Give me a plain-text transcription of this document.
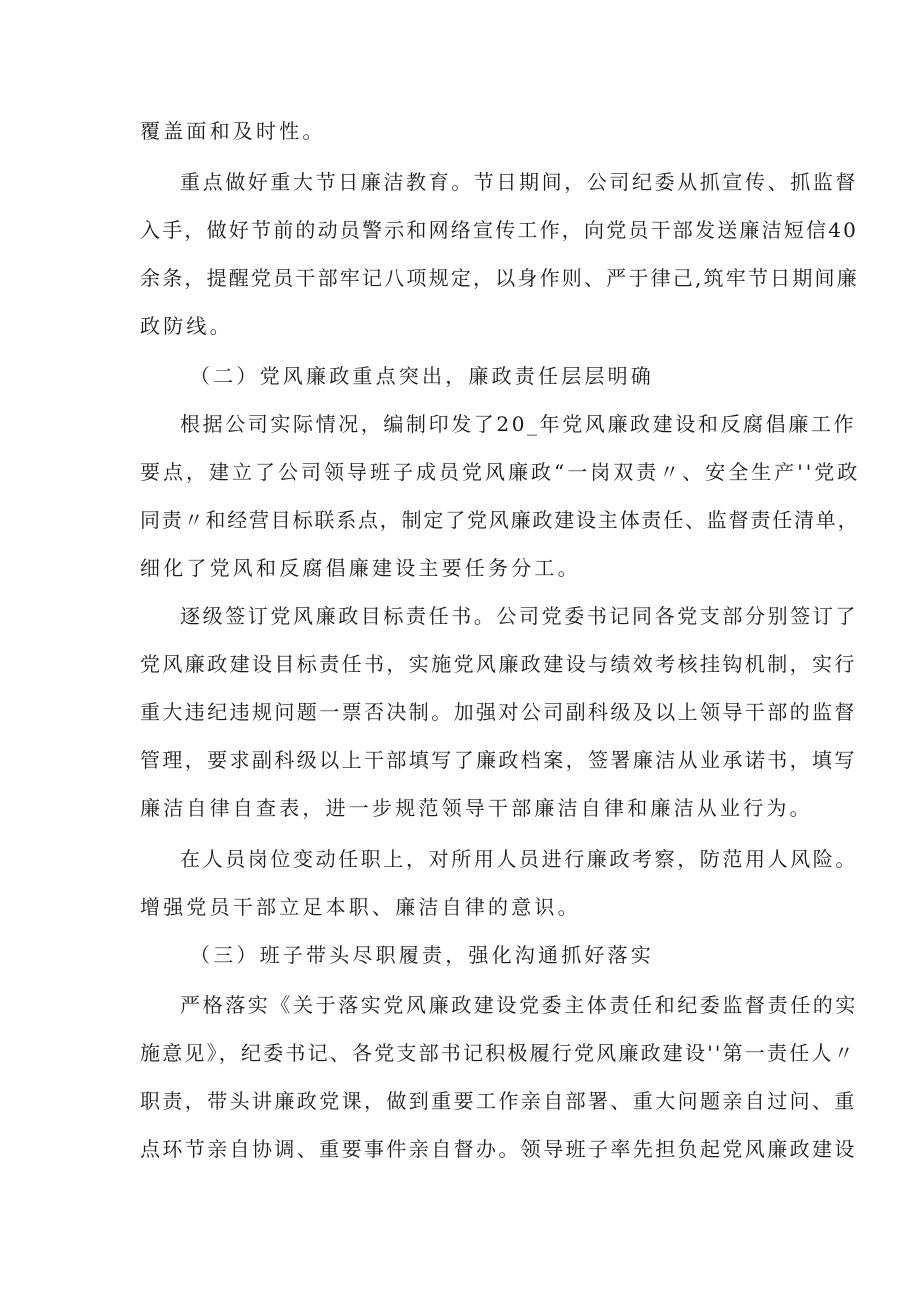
覆盖面和及时性。
重点做好重大节日廉洁教育。节日期间，公司纪委从抓宣传、抓监督
入手，做好节前的动员警示和网络宣传工作，向党员干部发送廉洁短信40
余条，提醒党员干部牢记八项规定，以身作则、严于律己,筑牢节日期间廉
政防线。
（二）党风廉政重点突出，廉政责任层层明确
根据公司实际情况，编制印发了20_年党风廉政建设和反腐倡廉工作
要点，建立了公司领导班子成员党风廉政“一岗双责〃、安全生产''党政
同责〃和经营目标联系点，制定了党风廉政建设主体责任、监督责任清单，
细化了党风和反腐倡廉建设主要任务分工。
逐级签订党风廉政目标责任书。公司党委书记同各党支部分别签订了
党风廉政建设目标责任书，实施党风廉政建设与绩效考核挂钩机制，实行
重大违纪违规问题一票否决制。加强对公司副科级及以上领导干部的监督
管理，要求副科级以上干部填写了廉政档案，签署廉洁从业承诺书，填写
廉洁自律自查表，进一步规范领导干部廉洁自律和廉洁从业行为。
在人员岗位变动任职上，对所用人员进行廉政考察，防范用人风险。
增强党员干部立足本职、廉洁自律的意识。
（三）班子带头尽职履责，强化沟通抓好落实
严格落实《关于落实党风廉政建设党委主体责任和纪委监督责任的实
施意见》，纪委书记、各党支部书记积极履行党风廉政建设''第一责任人〃
职责，带头讲廉政党课，做到重要工作亲自部署、重大问题亲自过问、重
点环节亲自协调、重要事件亲自督办。领导班子率先担负起党风廉政建设
